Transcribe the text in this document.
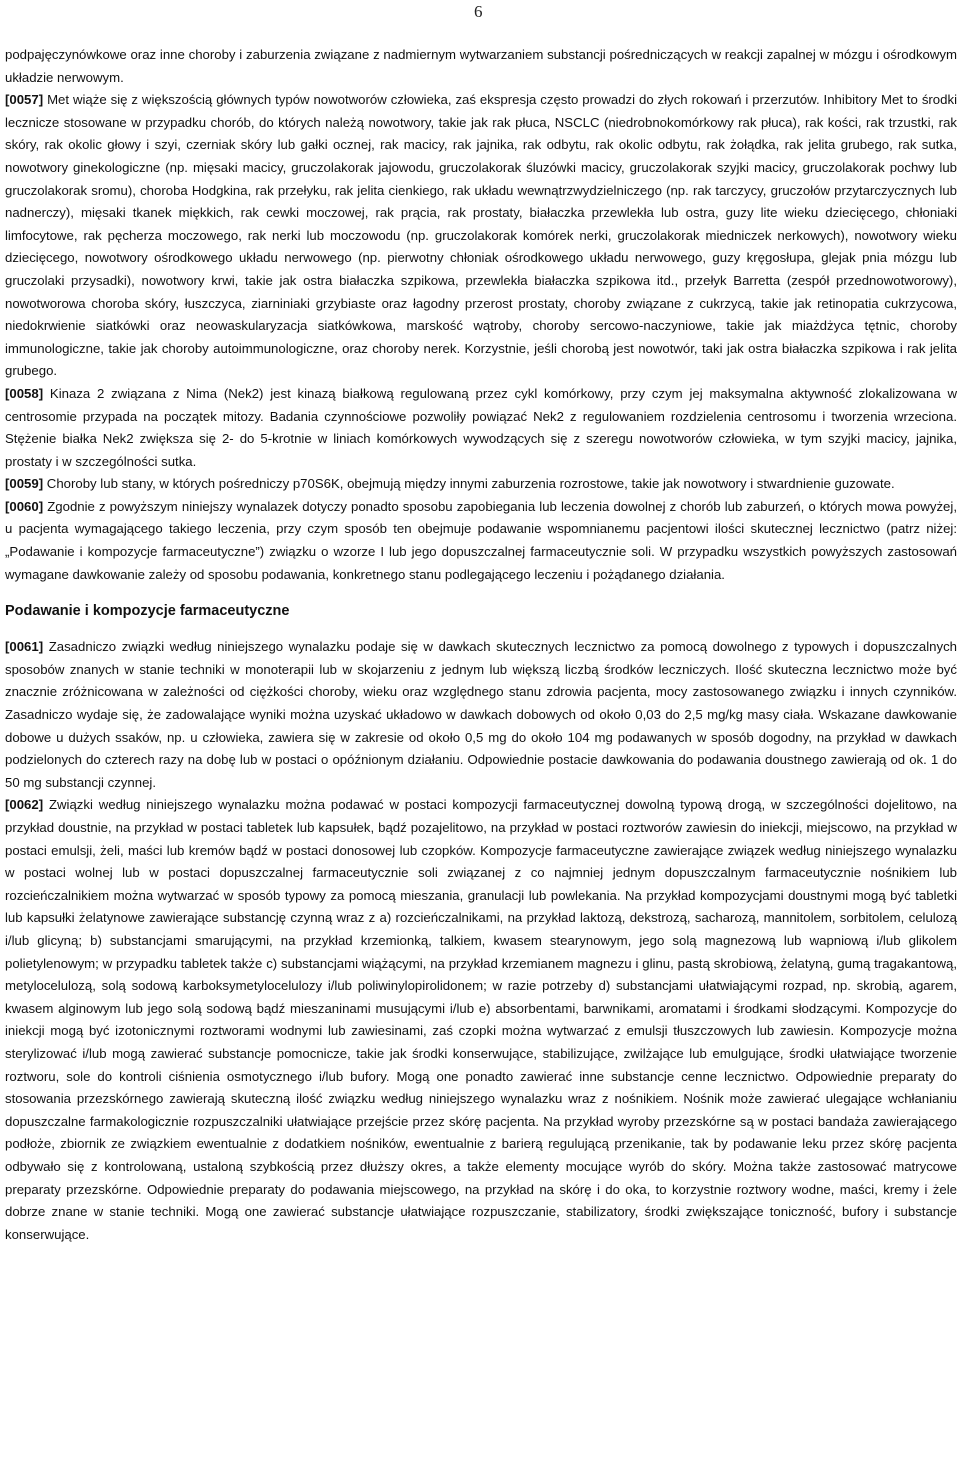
6

podpajęczynówkowe oraz inne choroby i zaburzenia związane z nadmiernym wytwarzaniem substancji pośredniczących w reakcji zapalnej w mózgu i ośrodkowym układzie nerwowym.

[0057] Met wiąże się z większością głównych typów nowotworów człowieka, zaś ekspresja często prowadzi do złych rokowań i przerzutów. Inhibitory Met to środki lecznicze stosowane w przypadku chorób, do których należą nowotwory, takie jak rak płuca, NSCLC (niedrobnokomórkowy rak płuca), rak kości, rak trzustki, rak skóry, rak okolic głowy i szyi, czerniak skóry lub gałki ocznej, rak macicy, rak jajnika, rak odbytu, rak okolic odbytu, rak żołądka, rak jelita grubego, rak sutka, nowotwory ginekologiczne (np. mięsaki macicy, gruczolakorak jajowodu, gruczolakorak śluzówki macicy, gruczolakorak szyjki macicy, gruczolakorak pochwy lub gruczolakorak sromu), choroba Hodgkina, rak przełyku, rak jelita cienkiego, rak układu wewnątrzwydzielniczego (np. rak tarczycy, gruczołów przytarczycznych lub nadnerczy), mięsaki tkanek miękkich, rak cewki moczowej, rak prącia, rak prostaty, białaczka przewlekła lub ostra, guzy lite wieku dziecięcego, chłoniaki limfocytowe, rak pęcherza moczowego, rak nerki lub moczowodu (np. gruczolakorak komórek nerki, gruczolakorak miedniczek nerkowych), nowotwory wieku dziecięcego, nowotwory ośrodkowego układu nerwowego (np. pierwotny chłoniak ośrodkowego układu nerwowego, guzy kręgosłupa, glejak pnia mózgu lub gruczolaki przysadki), nowotwory krwi, takie jak ostra białaczka szpikowa, przewlekła białaczka szpikowa itd., przełyk Barretta (zespół przednowotworowy), nowotworowa choroba skóry, łuszczyca, ziarniniaki grzybiaste oraz łagodny przerost prostaty, choroby związane z cukrzycą, takie jak retinopatia cukrzycowa, niedokrwienie siatkówki oraz neowaskularyzacja siatkówkowa, marskość wątroby, choroby sercowo-naczyniowe, takie jak miażdżyca tętnic, choroby immunologiczne, takie jak choroby autoimmunologiczne, oraz choroby nerek. Korzystnie, jeśli chorobą jest nowotwór, taki jak ostra białaczka szpikowa i rak jelita grubego.

[0058] Kinaza 2 związana z Nima (Nek2) jest kinazą białkową regulowaną przez cykl komórkowy, przy czym jej maksymalna aktywność zlokalizowana w centrosomie przypada na początek mitozy. Badania czynnościowe pozwoliły powiązać Nek2 z regulowaniem rozdzielenia centrosomu i tworzenia wrzeciona. Stężenie białka Nek2 zwiększa się 2- do 5-krotnie w liniach komórkowych wywodzących się z szeregu nowotworów człowieka, w tym szyjki macicy, jajnika, prostaty i w szczególności sutka.

[0059] Choroby lub stany, w których pośredniczy p70S6K, obejmują między innymi zaburzenia rozrostowe, takie jak nowotwory i stwardnienie guzowate.

[0060] Zgodnie z powyższym niniejszy wynalazek dotyczy ponadto sposobu zapobiegania lub leczenia dowolnej z chorób lub zaburzeń, o których mowa powyżej, u pacjenta wymagającego takiego leczenia, przy czym sposób ten obejmuje podawanie wspomnianemu pacjentowi ilości skutecznej lecznictwo (patrz niżej: „Podawanie i kompozycje farmaceutyczne”) związku o wzorze I lub jego dopuszczalnej farmaceutycznie soli. W przypadku wszystkich powyższych zastosowań wymagane dawkowanie zależy od sposobu podawania, konkretnego stanu podlegającego leczeniu i pożądanego działania.

Podawanie i kompozycje farmaceutyczne

[0061] Zasadniczo związki według niniejszego wynalazku podaje się w dawkach skutecznych lecznictwo za pomocą dowolnego z typowych i dopuszczalnych sposobów znanych w stanie techniki w monoterapii lub w skojarzeniu z jednym lub większą liczbą środków leczniczych. Ilość skuteczna lecznictwo może być znacznie zróżnicowana w zależności od ciężkości choroby, wieku oraz względnego stanu zdrowia pacjenta, mocy zastosowanego związku i innych czynników. Zasadniczo wydaje się, że zadowalające wyniki można uzyskać układowo w dawkach dobowych od około 0,03 do 2,5 mg/kg masy ciała. Wskazane dawkowanie dobowe u dużych ssaków, np. u człowieka, zawiera się w zakresie od około 0,5 mg do około 104 mg podawanych w sposób dogodny, na przykład w dawkach podzielonych do czterech razy na dobę lub w postaci o opóźnionym działaniu. Odpowiednie postacie dawkowania do podawania doustnego zawierają od ok. 1 do 50 mg substancji czynnej.

[0062] Związki według niniejszego wynalazku można podawać w postaci kompozycji farmaceutycznej dowolną typową drogą, w szczególności dojelitowo, na przykład doustnie, na przykład w postaci tabletek lub kapsułek, bądź pozajelitowo, na przykład w postaci roztworów zawiesin do iniekcji, miejscowo, na przykład w postaci emulsji, żeli, maści lub kremów bądź w postaci donosowej lub czopków. Kompozycje farmaceutyczne zawierające związek według niniejszego wynalazku w postaci wolnej lub w postaci dopuszczalnej farmaceutycznie soli związanej z co najmniej jednym dopuszczalnym farmaceutycznie nośnikiem lub rozcieńczalnikiem można wytwarzać w sposób typowy za pomocą mieszania, granulacji lub powlekania. Na przykład kompozycjami doustnymi mogą być tabletki lub kapsułki żelatynowe zawierające substancję czynną wraz z a) rozcieńczalnikami, na przykład laktozą, dekstrozą, sacharozą, mannitolem, sorbitolem, celulozą i/lub glicyną; b) substancjami smarującymi, na przykład krzemionką, talkiem, kwasem stearynowym, jego solą magnezową lub wapniową i/lub glikolem polietylenowym; w przypadku tabletek także c) substancjami wiążącymi, na przykład krzemianem magnezu i glinu, pastą skrobiową, żelatyną, gumą tragakantową, metylocelulozą, solą sodową karboksymetylocelulozy i/lub poliwinylopirolidonem; w razie potrzeby d) substancjami ułatwiającymi rozpad, np. skrobią, agarem, kwasem alginowym lub jego solą sodową bądź mieszaninami musującymi i/lub e) absorbentami, barwnikami, aromatami i środkami słodzącymi. Kompozycje do iniekcji mogą być izotonicznymi roztworami wodnymi lub zawiesinami, zaś czopki można wytwarzać z emulsji tłuszczowych lub zawiesin. Kompozycje można sterylizować i/lub mogą zawierać substancje pomocnicze, takie jak środki konserwujące, stabilizujące, zwilżające lub emulgujące, środki ułatwiające tworzenie roztworu, sole do kontroli ciśnienia osmotycznego i/lub bufory. Mogą one ponadto zawierać inne substancje cenne lecznictwo. Odpowiednie preparaty do stosowania przezskórnego zawierają skuteczną ilość związku według niniejszego wynalazku wraz z nośnikiem. Nośnik może zawierać ulegające wchłanianiu dopuszczalne farmakologicznie rozpuszczalniki ułatwiające przejście przez skórę pacjenta. Na przykład wyroby przezskórne są w postaci bandaża zawierającego podłoże, zbiornik ze związkiem ewentualnie z dodatkiem nośników, ewentualnie z barierą regulującą przenikanie, tak by podawanie leku przez skórę pacjenta odbywało się z kontrolowaną, ustaloną szybkością przez dłuższy okres, a także elementy mocujące wyrób do skóry. Można także zastosować matrycowe preparaty przezskórne. Odpowiednie preparaty do podawania miejscowego, na przykład na skórę i do oka, to korzystnie roztwory wodne, maści, kremy i żele dobrze znane w stanie techniki. Mogą one zawierać substancje ułatwiające rozpuszczanie, stabilizatory, środki zwiększające toniczność, bufory i substancje konserwujące.
